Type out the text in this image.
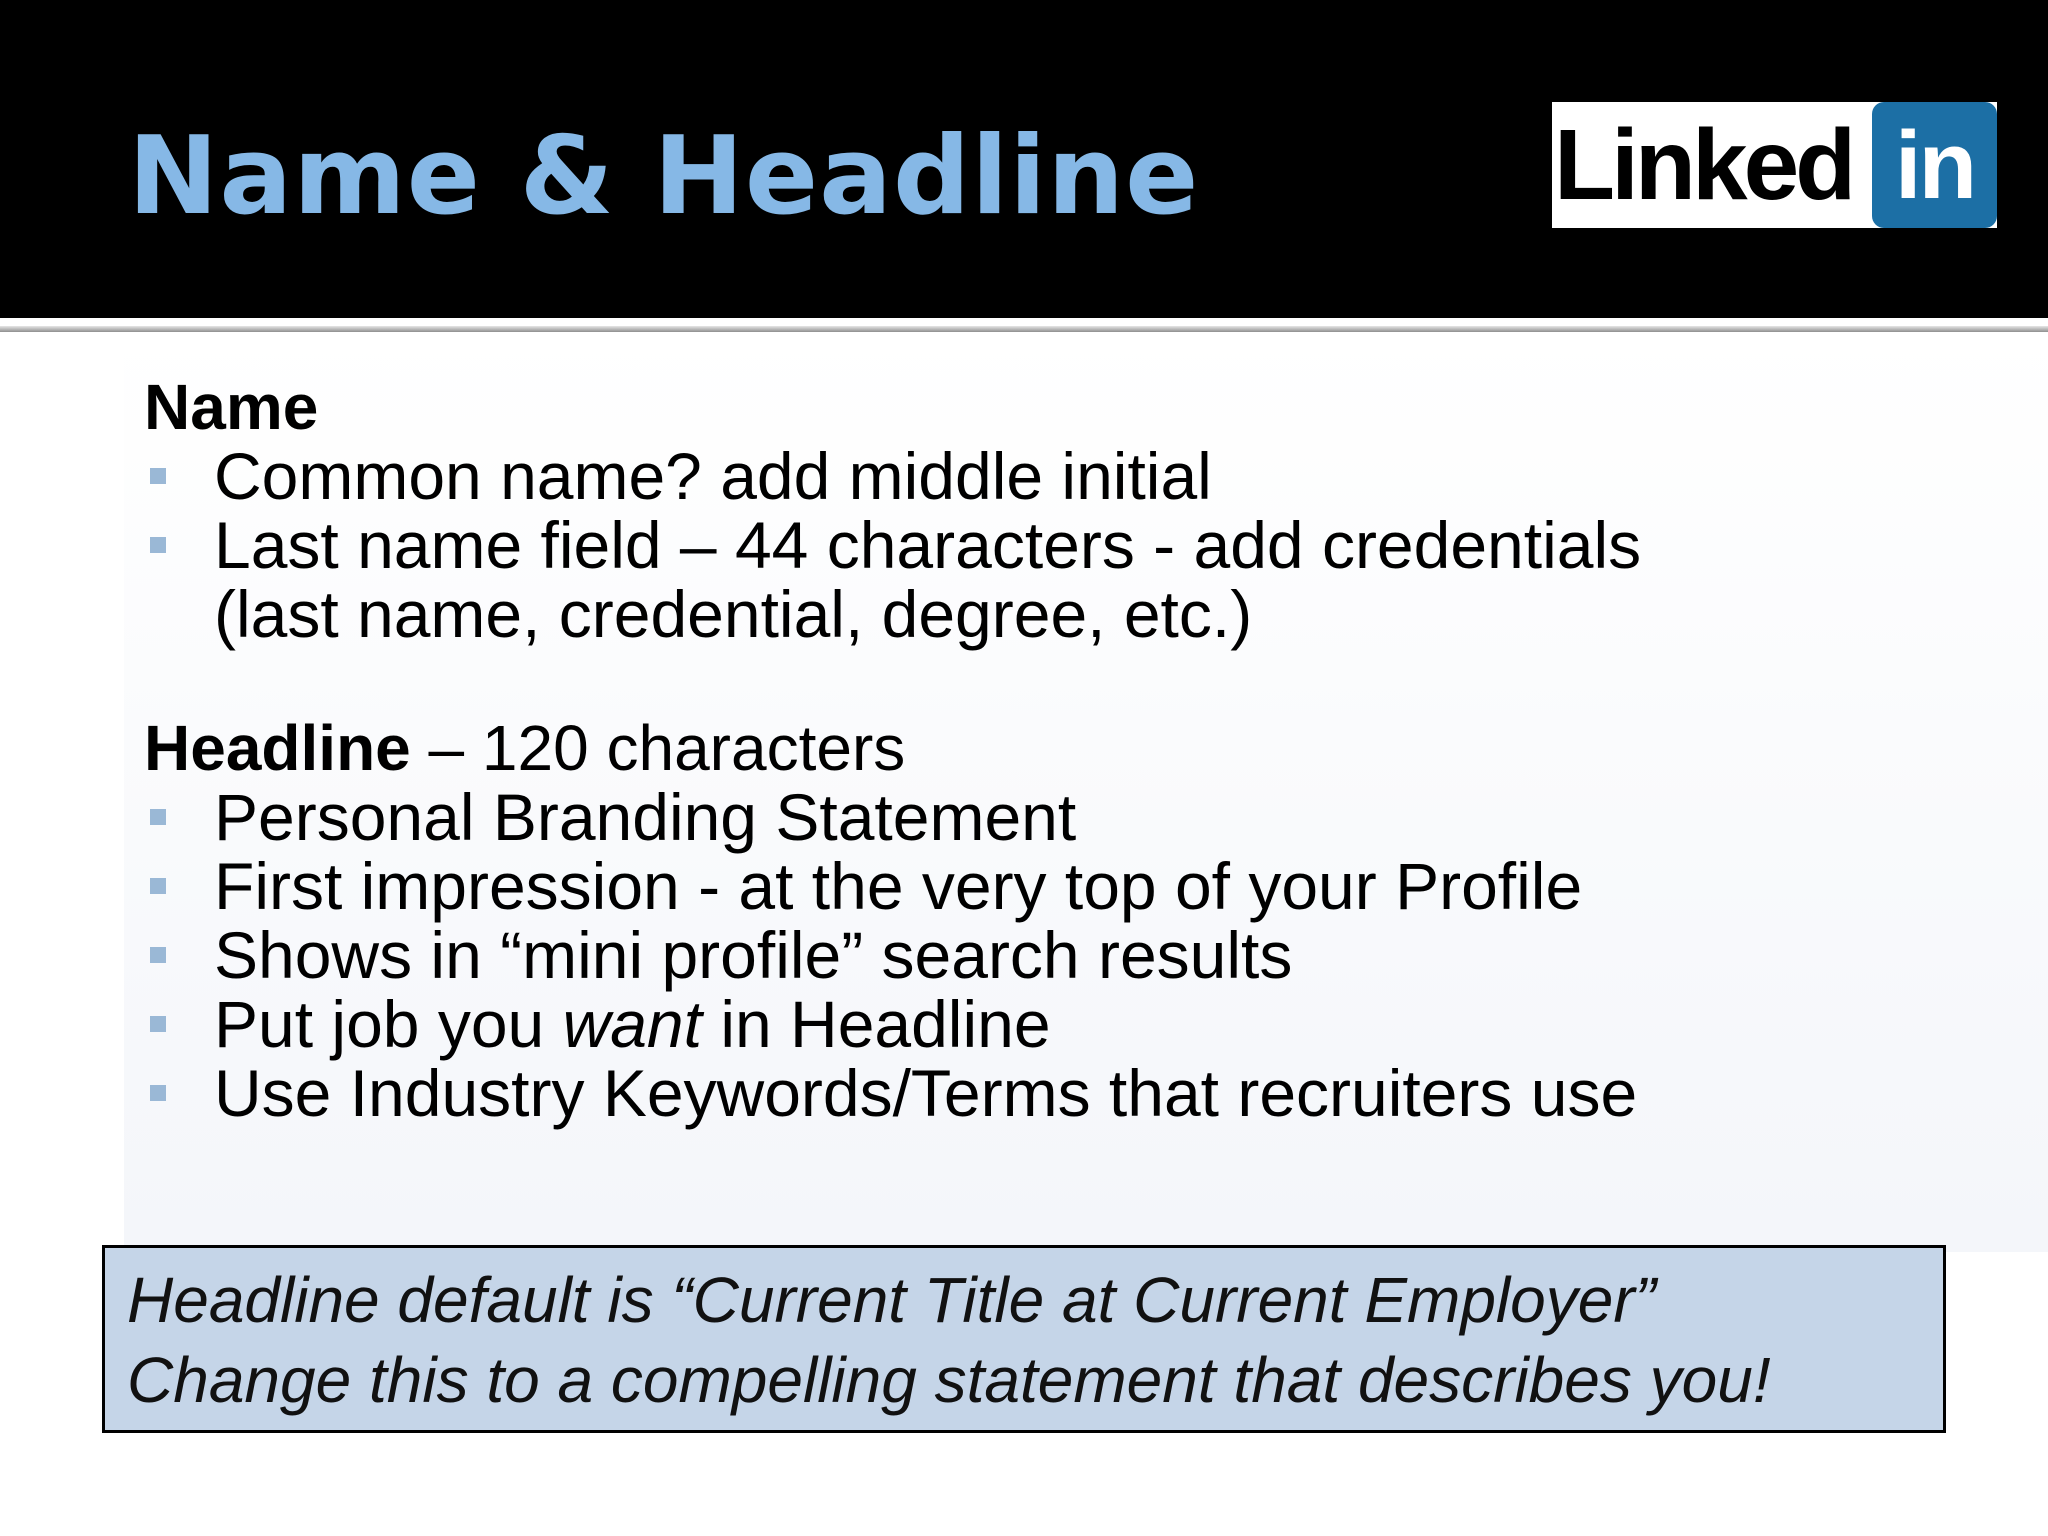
Name & Headline	Linked in
Name
Common name? add middle initial
Last name field – 44 characters - add credentials
(last name, credential, degree, etc.)
Headline – 120 characters
Personal Branding Statement
First impression - at the very top of your Profile
Shows in “mini profile” search results
Put job you want in Headline
Use Industry Keywords/Terms that recruiters use
Headline default is “Current Title at Current Employer”
Change this to a compelling statement that describes you!
